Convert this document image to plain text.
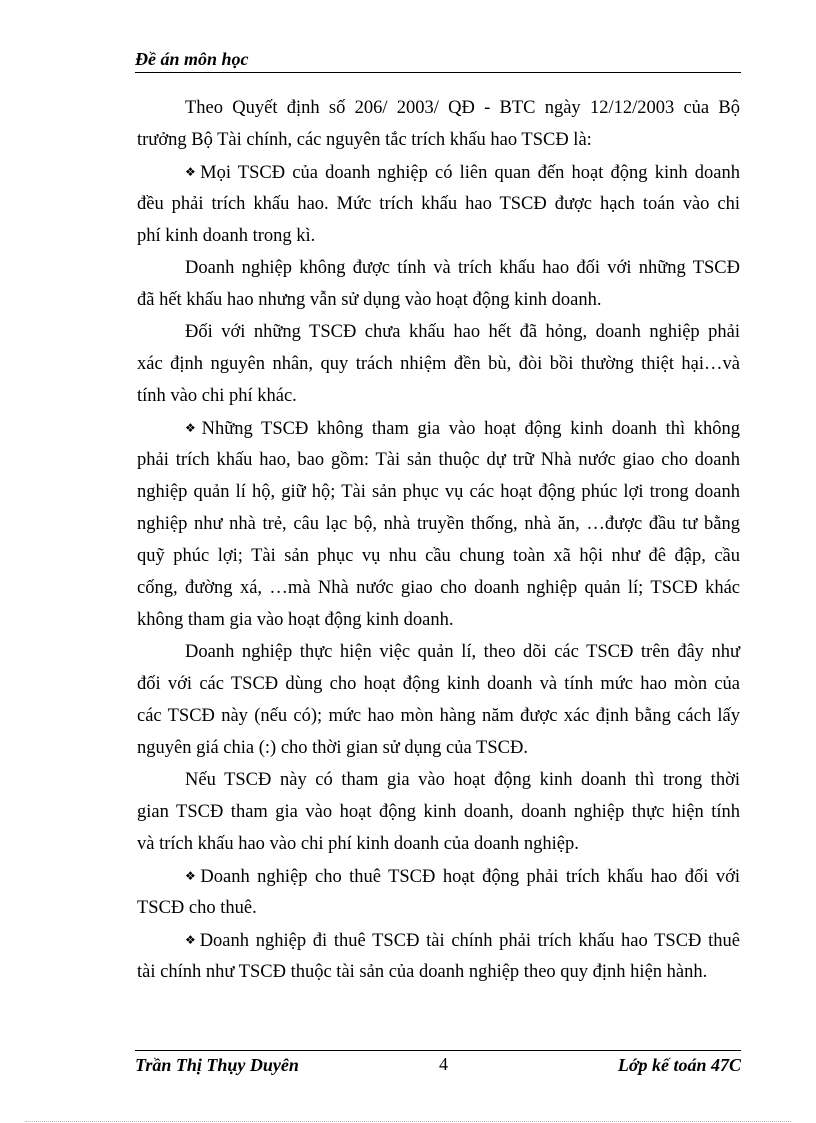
Đề án môn học
Theo Quyết định số 206/ 2003/ QĐ - BTC ngày 12/12/2003 của Bộ
trưởng Bộ Tài chính, các nguyên tắc trích khấu hao TSCĐ là:
❖ Mọi TSCĐ của doanh nghiệp có liên quan đến hoạt động kinh doanh
đều phải trích khấu hao. Mức trích khấu hao TSCĐ được hạch toán vào chi
phí kinh doanh trong kì.
Doanh nghiệp không được tính và trích khấu hao đối với những TSCĐ
đã hết khấu hao nhưng vẫn sử dụng vào hoạt động kinh doanh.
Đối với những TSCĐ chưa khấu hao hết đã hỏng, doanh nghiệp phải
xác định nguyên nhân, quy trách nhiệm đền bù, đòi bồi thường thiệt hại…và
tính vào chi phí khác.
❖ Những TSCĐ không tham gia vào hoạt động kinh doanh thì không
phải trích khấu hao, bao gồm: Tài sản thuộc dự trữ Nhà nước giao cho doanh
nghiệp quản lí hộ, giữ hộ; Tài sản phục vụ các hoạt động phúc lợi trong doanh
nghiệp như nhà trẻ, câu lạc bộ, nhà truyền thống, nhà ăn, …được đầu tư bằng
quỹ phúc lợi; Tài sản phục vụ nhu cầu chung toàn xã hội như đê đập, cầu
cống, đường xá, …mà Nhà nước giao cho doanh nghiệp quản lí; TSCĐ khác
không tham gia vào hoạt động kinh doanh.
Doanh nghiệp thực hiện việc quản lí, theo dõi các TSCĐ trên đây như
đối với các TSCĐ dùng cho hoạt động kinh doanh và tính mức hao mòn của
các TSCĐ này (nếu có); mức hao mòn hàng năm được xác định bằng cách lấy
nguyên giá chia (:) cho thời gian sử dụng của TSCĐ.
Nếu TSCĐ này có tham gia vào hoạt động kinh doanh thì trong thời
gian TSCĐ tham gia vào hoạt động kinh doanh, doanh nghiệp thực hiện tính
và trích khấu hao vào chi phí kinh doanh của doanh nghiệp.
❖ Doanh nghiệp cho thuê TSCĐ hoạt động phải trích khấu hao đối với
TSCĐ cho thuê.
❖ Doanh nghiệp đi thuê TSCĐ tài chính phải trích khấu hao TSCĐ thuê
tài chính như TSCĐ thuộc tài sản của doanh nghiệp theo quy định hiện hành.
Trần Thị Thụy Duyên	4	Lớp kế toán 47C
